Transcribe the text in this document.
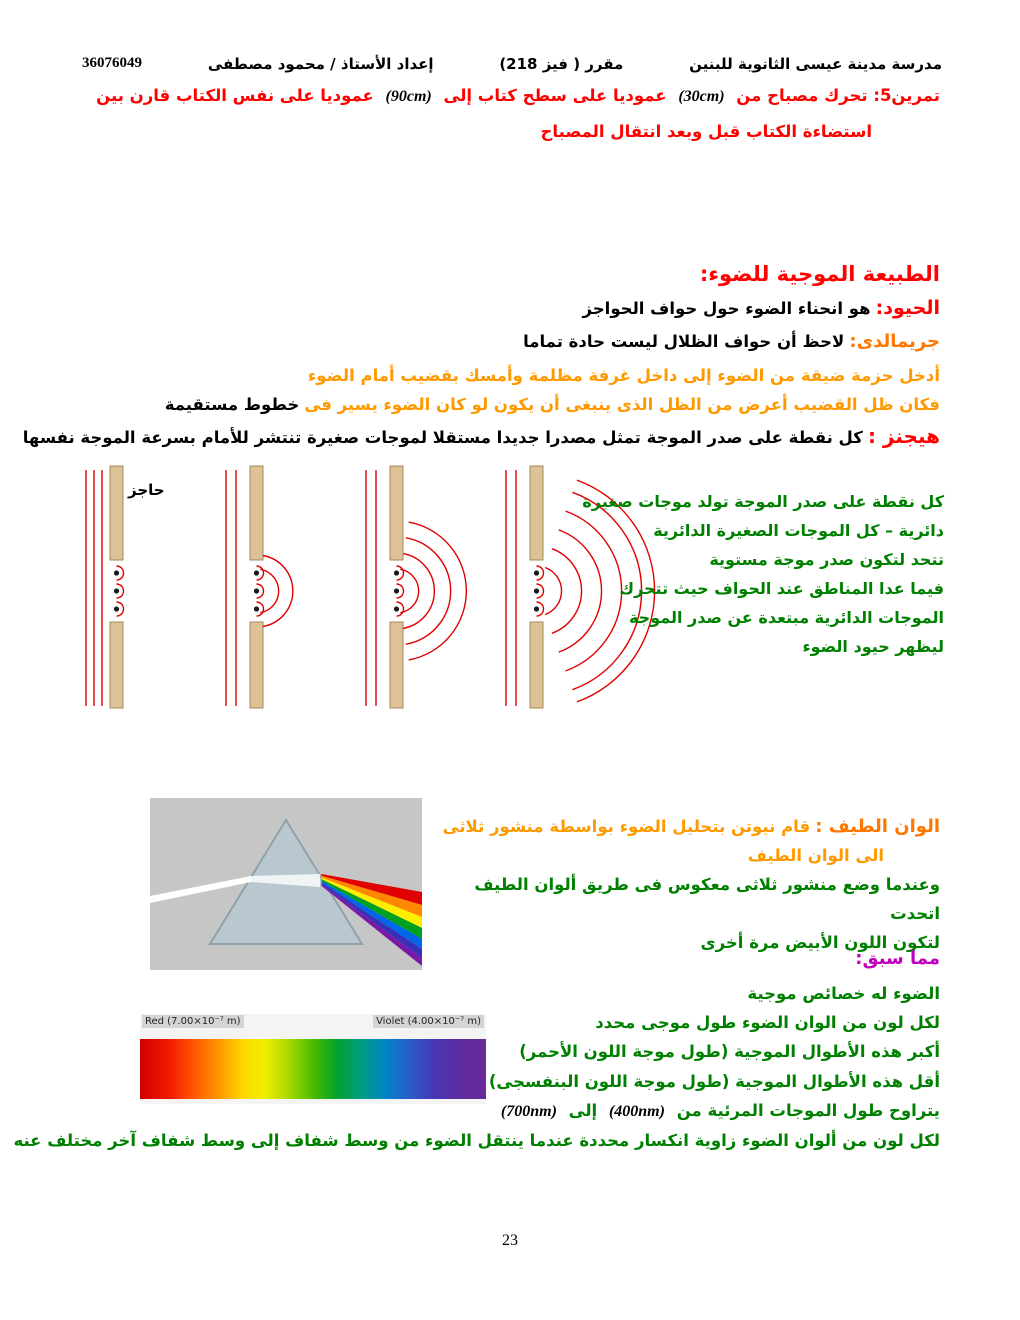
مدرسة مدينة عيسى الثانوية للبنين
مقرر ( فيز 218)
إعداد الأستاذ / محمود مصطفى
36076049
تمرين5: تحرك مصباح من (30cm) عموديا على سطح كتاب إلى (90cm) عموديا على نفس الكتاب قارن بين
استضاءة الكتاب قبل وبعد انتقال المصباح
الطبيعة الموجية للضوء:
الحيود: هو انحناء الضوء حول حواف الحواجز
جريمالدى: لاحظ أن حواف الظلال ليست حادة تماما
أدخل حزمة ضيقة من الضوء إلى داخل غرفة مظلمة وأمسك بقضيب أمام الضوء
فكان ظل القضيب أعرض من الظل الذى ينبغى أن يكون لو كان الضوء يسير فى خطوط مستقيمة
هيجنز : كل نقطة على صدر الموجة تمثل مصدرا جديدا مستقلا لموجات صغيرة تنتشر للأمام بسرعة الموجة نفسها
حاجز
كل نقطة على صدر الموجة تولد موجات صغيرة
دائرية – كل الموجات الصغيرة الدائرية
تتحد لتكون صدر موجة مستوية
فيما عدا المناطق عند الحواف حيث تتحرك
الموجات الدائرية مبتعدة عن صدر الموجة
ليظهر حيود الضوء
الوان الطيف : قام نيوتن بتحليل الضوء بواسطة منشور ثلاثى
الى الوان الطيف
وعندما وضع منشور ثلاثى معكوس فى طريق ألوان الطيف اتحدت
لتكون اللون الأبيض مرة أخرى
مما سبق:
الضوء له خصائص موجية
لكل لون من الوان الضوء طول موجى محدد
أكبر هذه الأطوال الموجية (طول موجة اللون الأحمر)
أقل هذه الأطوال الموجية (طول موجة اللون البنفسجى)
يتراوح طول الموجات المرئية من (400nm) إلى (700nm)
لكل لون من ألوان الضوء زاوية انكسار محددة عندما ينتقل الضوء من وسط شفاف إلى وسط شفاف آخر مختلف عنه
Red (7.00×10⁻⁷ m)	Violet (4.00×10⁻⁷ m)
23
